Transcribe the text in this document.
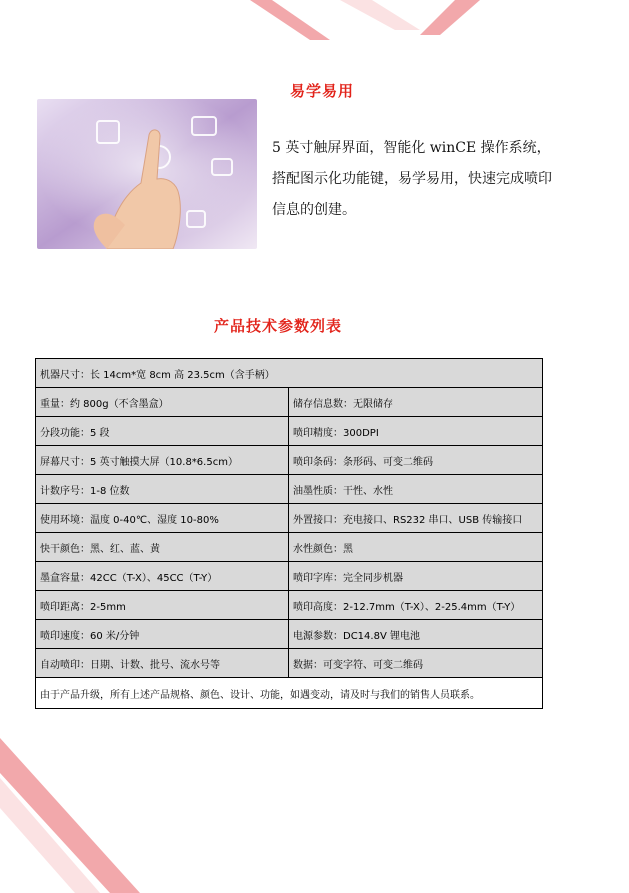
易学易用
5 英寸触屏界面，智能化 winCE 操作系统，搭配图示化功能键，易学易用，快速完成喷印信息的创建。
产品技术参数列表
机器尺寸：长 14cm*宽 8cm 高 23.5cm（含手柄）	
重量：约 800g（不含墨盒）	储存信息数：无限储存
分段功能：5 段	喷印精度：300DPI
屏幕尺寸：5 英寸触摸大屏（10.8*6.5cm）	喷印条码：条形码、可变二维码
计数序号：1-8 位数	油墨性质：干性、水性
使用环境：温度 0-40℃、湿度 10-80%	外置接口：充电接口、RS232 串口、USB 传输接口
快干颜色：黑、红、蓝、黄	水性颜色：黑
墨盒容量：42CC（T-X）、45CC（T-Y）	喷印字库：完全同步机器
喷印距离：2-5mm	喷印高度：2-12.7mm（T-X）、2-25.4mm（T-Y）
喷印速度：60 米/分钟	电源参数：DC14.8V 锂电池
自动喷印：日期、计数、批号、流水号等	数据：可变字符、可变二维码
由于产品升级，所有上述产品规格、颜色、设计、功能，如遇变动，请及时与我们的销售人员联系。	
